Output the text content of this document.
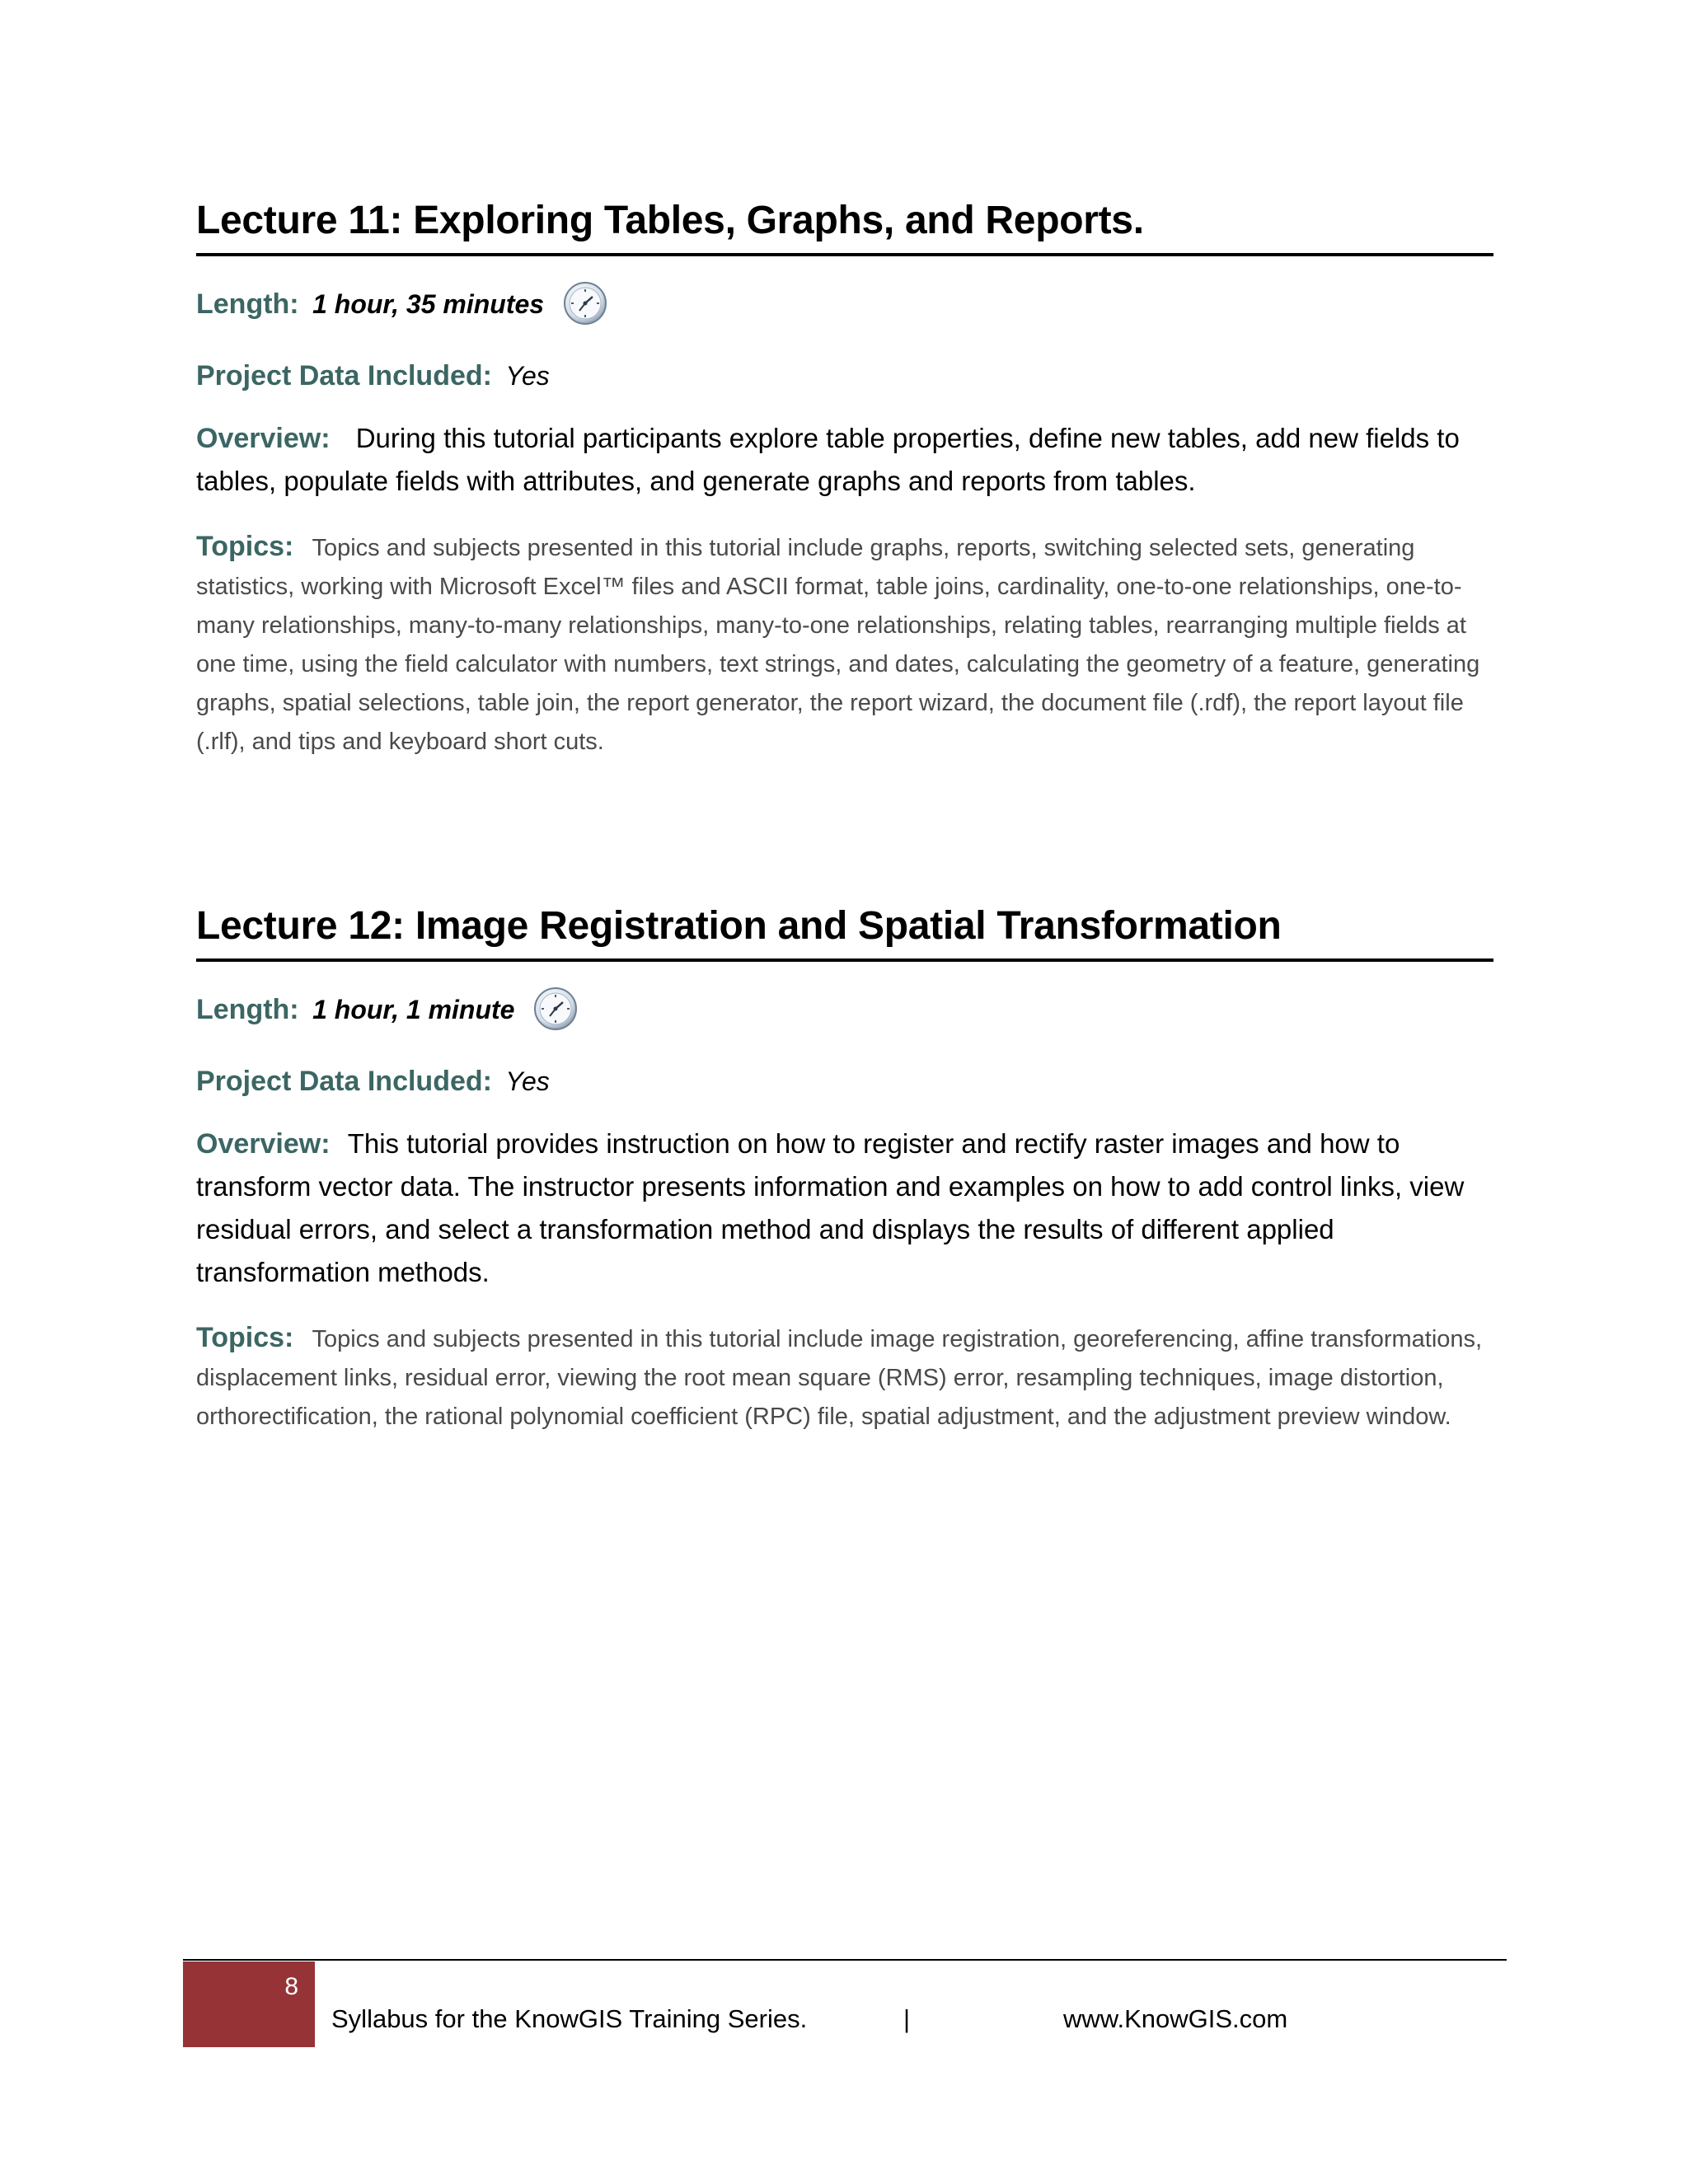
Lecture 11: Exploring Tables, Graphs, and Reports.

Length: 1 hour, 35 minutes

Project Data Included: Yes

Overview: During this tutorial participants explore table properties, define new tables, add new fields to tables, populate fields with attributes, and generate graphs and reports from tables.

Topics: Topics and subjects presented in this tutorial include graphs, reports, switching selected sets, generating statistics, working with Microsoft Excel™ files and ASCII format, table joins, cardinality, one-to-one relationships, one-to-many relationships, many-to-many relationships, many-to-one relationships, relating tables, rearranging multiple fields at one time, using the field calculator with numbers, text strings, and dates, calculating the geometry of a feature, generating graphs, spatial selections, table join, the report generator, the report wizard, the document file (.rdf), the report layout file (.rlf), and tips and keyboard short cuts.

Lecture 12: Image Registration and Spatial Transformation

Length: 1 hour, 1 minute

Project Data Included: Yes

Overview: This tutorial provides instruction on how to register and rectify raster images and how to transform vector data. The instructor presents information and examples on how to add control links, view residual errors, and select a transformation method and displays the results of different applied transformation methods.

Topics: Topics and subjects presented in this tutorial include image registration, georeferencing, affine transformations, displacement links, residual error, viewing the root mean square (RMS) error, resampling techniques, image distortion, orthorectification, the rational polynomial coefficient (RPC) file, spatial adjustment, and the adjustment preview window.

8
Syllabus for the KnowGIS Training Series.	|	www.KnowGIS.com
